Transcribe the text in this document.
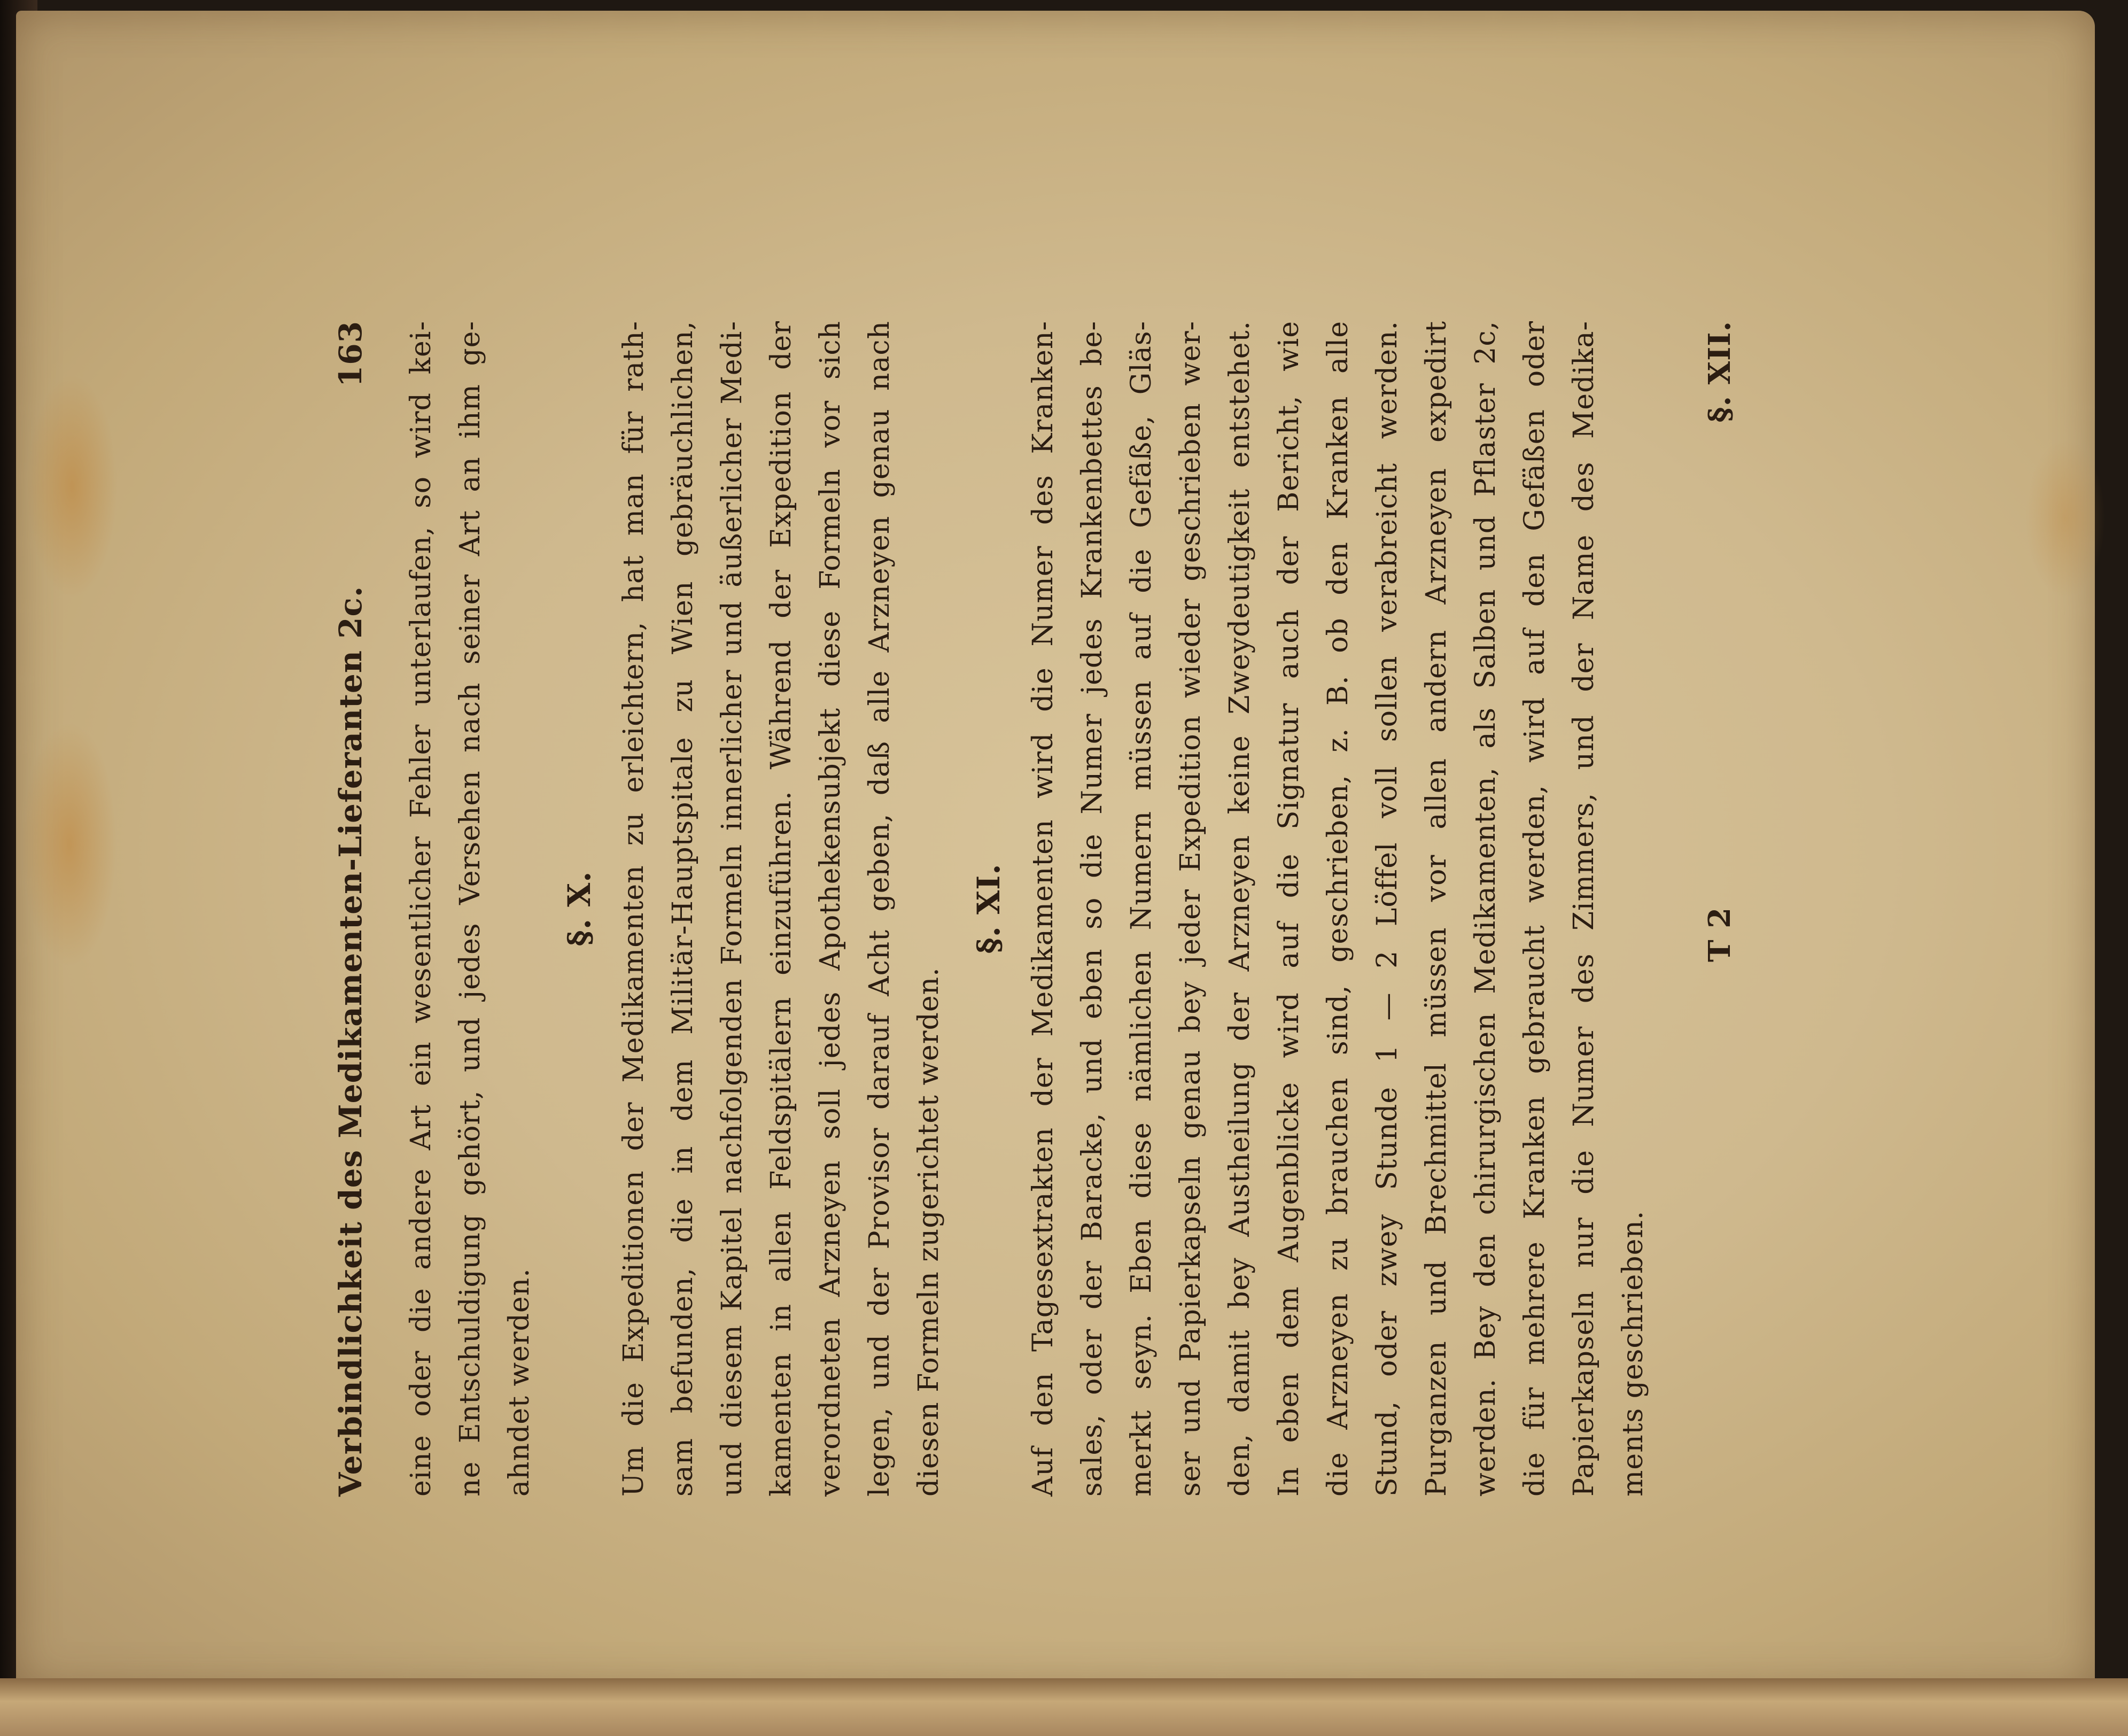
Verbindlichkeit des Medikamenten-Lieferanten 2c.
163	eine oder die andere Art ein wesentlicher Fehler unterlaufen, so wird kei- ne Entschuldigung gehört, und jedes Versehen nach seiner Art an ihm ge- ahndet werden.
§. X. Um die Expeditionen der Medikamenten zu erleichtern, hat man für rath- sam befunden, die in dem Militär-Hauptspitale zu Wien gebräuchlichen, und diesem Kapitel nachfolgenden Formeln innerlicher und äußerlicher Medi- kamenten in allen Feldspitälern einzuführen. Während der Expedition der verordneten Arzneyen soll jedes Apothekensubjekt diese Formeln vor sich legen, und der Provisor darauf Acht geben, daß alle Arzneyen genau nach diesen Formeln zugerichtet werden.
§. XI. Auf den Tagesextrakten der Medikamenten wird die Numer des Kranken- sales, oder der Baracke, und eben so die Numer jedes Krankenbettes be- merkt seyn. Eben diese nämlichen Numern müssen auf die Gefäße, Gläs- ser und Papierkapseln genau bey jeder Expedition wieder geschrieben wer- den, damit bey Austheilung der Arzneyen keine Zweydeutigkeit entstehet. In eben dem Augenblicke wird auf die Signatur auch der Bericht, wie die Arzneyen zu brauchen sind, geschrieben, z. B. ob den Kranken alle Stund, oder zwey Stunde 1 — 2 Löffel voll sollen verabreicht werden. Purganzen und Brechmittel müssen vor allen andern Arzneyen expedirt werden. Bey den chirurgischen Medikamenten, als Salben und Pflaster 2c, die für mehrere Kranken gebraucht werden, wird auf den Gefäßen oder Papierkapseln nur die Numer des Zimmers, und der Name des Medika- ments geschrieben.
T 2
§. XII.
